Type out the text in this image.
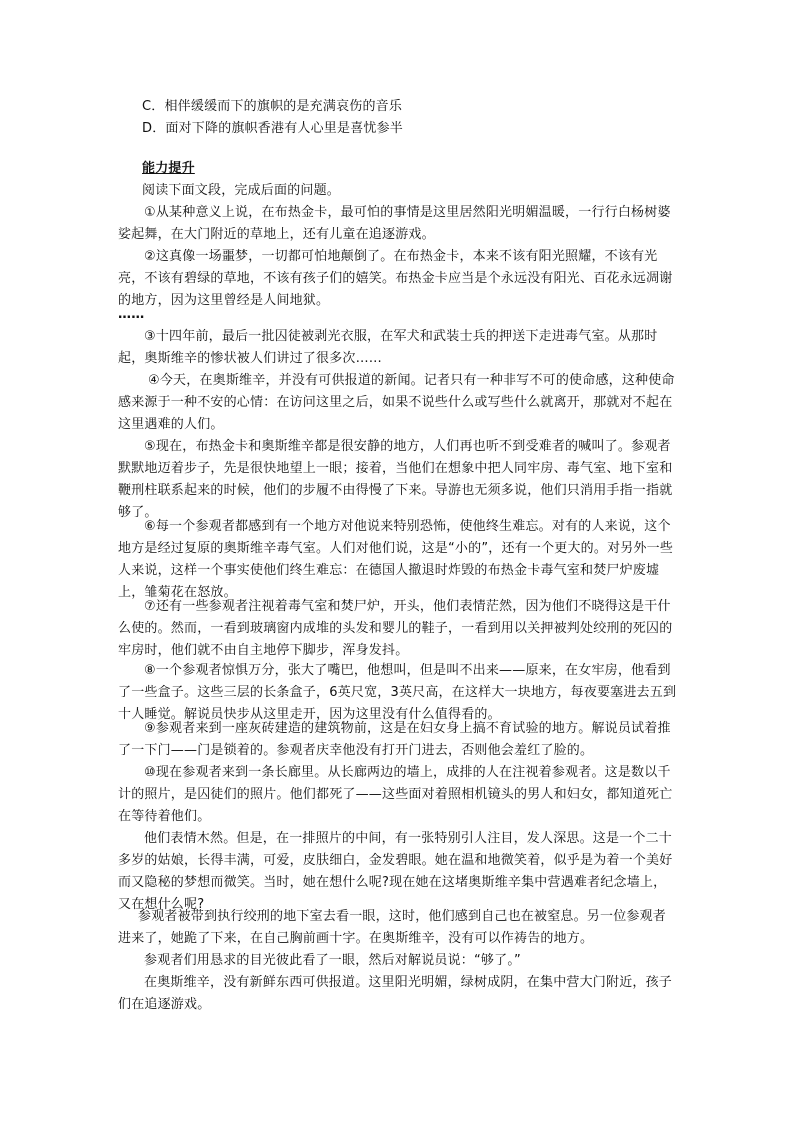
C．相伴缓缓而下的旗帜的是充满哀伤的音乐
D．面对下降的旗帜香港有人心里是喜忧参半
能力提升
阅读下面文段，完成后面的问题。
①从某种意义上说，在布热金卡，最可怕的事情是这里居然阳光明媚温暖，一行行白杨树婆娑起舞，在大门附近的草地上，还有儿童在追逐游戏。
②这真像一场噩梦，一切都可怕地颠倒了。在布热金卡，本来不该有阳光照耀，不该有光亮，不该有碧绿的草地，不该有孩子们的嬉笑。布热金卡应当是个永远没有阳光、百花永远凋谢的地方，因为这里曾经是人间地狱。
……
③十四年前，最后一批囚徒被剥光衣服，在军犬和武装士兵的押送下走进毒气室。从那时起，奥斯维辛的惨状被人们讲过了很多次……
④今天，在奥斯维辛，并没有可供报道的新闻。记者只有一种非写不可的使命感，这种使命感来源于一种不安的心情：在访问这里之后，如果不说些什么或写些什么就离开，那就对不起在这里遇难的人们。
⑤现在，布热金卡和奥斯维辛都是很安静的地方，人们再也听不到受难者的喊叫了。参观者默默地迈着步子，先是很快地望上一眼；接着，当他们在想象中把人同牢房、毒气室、地下室和鞭刑柱联系起来的时候，他们的步履不由得慢了下来。导游也无须多说，他们只消用手指一指就够了。
⑥每一个参观者都感到有一个地方对他说来特别恐怖，使他终生难忘。对有的人来说，这个地方是经过复原的奥斯维辛毒气室。人们对他们说，这是“小的”，还有一个更大的。对另外一些人来说，这样一个事实使他们终生难忘：在德国人撤退时炸毁的布热金卡毒气室和焚尸炉废墟上，雏菊花在怒放。
⑦还有一些参观者注视着毒气室和焚尸炉，开头，他们表情茫然，因为他们不晓得这是干什么使的。然而，一看到玻璃窗内成堆的头发和婴儿的鞋子，一看到用以关押被判处绞刑的死囚的牢房时，他们就不由自主地停下脚步，浑身发抖。
⑧一个参观者惊惧万分，张大了嘴巴，他想叫，但是叫不出来——原来，在女牢房，他看到了一些盒子。这些三层的长条盒子，6英尺宽，3英尺高，在这样大一块地方，每夜要塞进去五到十人睡觉。解说员快步从这里走开，因为这里没有什么值得看的。
⑨参观者来到一座灰砖建造的建筑物前，这是在妇女身上搞不育试验的地方。解说员试着推了一下门——门是锁着的。参观者庆幸他没有打开门进去，否则他会羞红了脸的。
⑩现在参观者来到一条长廊里。从长廊两边的墙上，成排的人在注视着参观者。这是数以千计的照片，是囚徒们的照片。他们都死了——这些面对着照相机镜头的男人和妇女，都知道死亡在等待着他们。
他们表情木然。但是，在一排照片的中间，有一张特别引人注目，发人深思。这是一个二十多岁的姑娘，长得丰满，可爱，皮肤细白，金发碧眼。她在温和地微笑着，似乎是为着一个美好而又隐秘的梦想而微笑。当时，她在想什么呢?现在她在这堵奥斯维辛集中营遇难者纪念墙上，又在想什么呢?
参观者被带到执行绞刑的地下室去看一眼，这时，他们感到自己也在被窒息。另一位参观者进来了，她跪了下来，在自己胸前画十字。在奥斯维辛，没有可以作祷告的地方。
参观者们用恳求的目光彼此看了一眼，然后对解说员说：“够了。”
在奥斯维辛，没有新鲜东西可供报道。这里阳光明媚，绿树成阴，在集中营大门附近，孩子们在追逐游戏。
